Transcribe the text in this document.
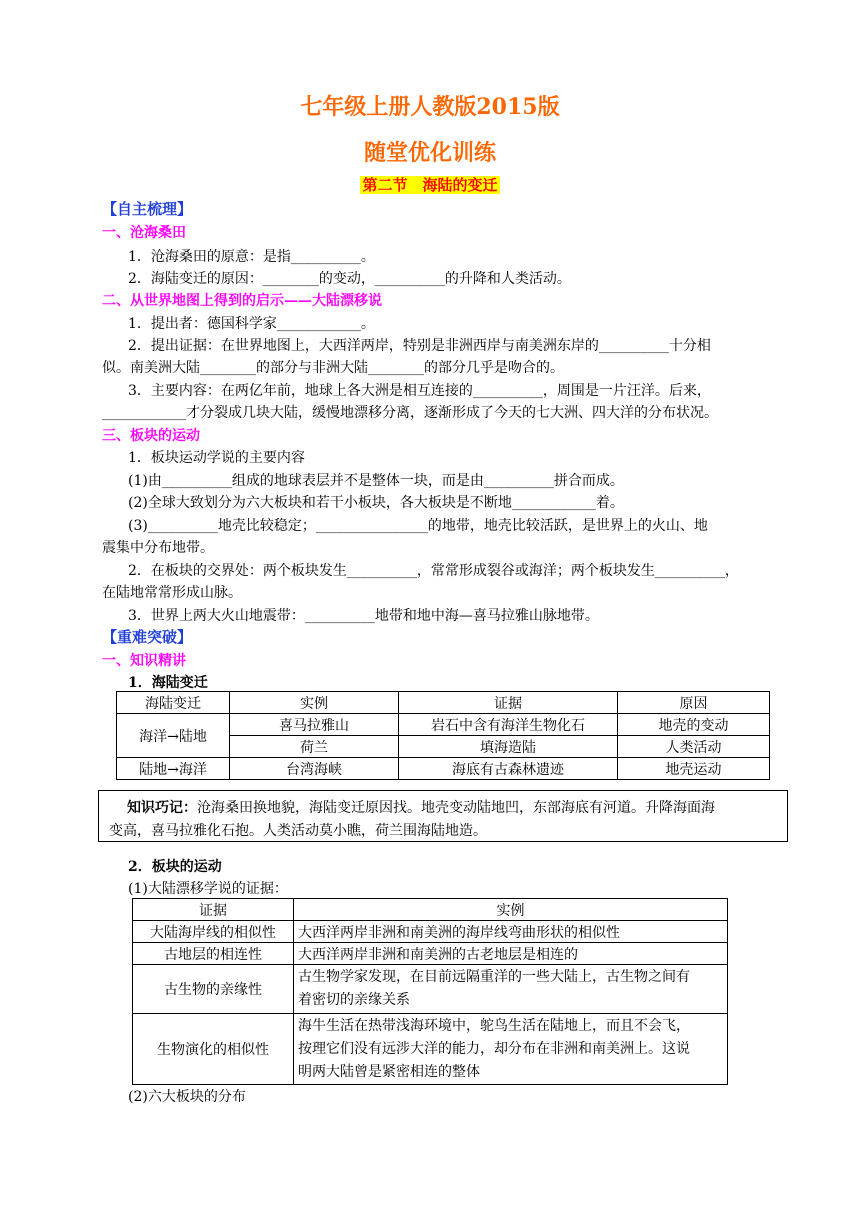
七年级上册人教版2015版
随堂优化训练
第二节　海陆的变迁
【自主梳理】
一、沧海桑田
1．沧海桑田的原意：是指__________。
2．海陆变迁的原因：________的变动，__________的升降和人类活动。
二、从世界地图上得到的启示——大陆漂移说
1．提出者：德国科学家____________。
2．提出证据：在世界地图上，大西洋两岸，特别是非洲西岸与南美洲东岸的__________十分相
似。南美洲大陆________的部分与非洲大陆________的部分几乎是吻合的。
3．主要内容：在两亿年前，地球上各大洲是相互连接的__________，周围是一片汪洋。后来，
____________才分裂成几块大陆，缓慢地漂移分离，逐渐形成了今天的七大洲、四大洋的分布状况。
三、板块的运动
1．板块运动学说的主要内容
(1)由__________组成的地球表层并不是整体一块，而是由__________拼合而成。
(2)全球大致划分为六大板块和若干小板块，各大板块是不断地____________着。
(3)__________地壳比较稳定；________________的地带，地壳比较活跃，是世界上的火山、地
震集中分布地带。
2．在板块的交界处：两个板块发生__________，常常形成裂谷或海洋；两个板块发生__________，
在陆地常常形成山脉。
3．世界上两大火山地震带：__________地带和地中海—喜马拉雅山脉地带。
【重难突破】
一、知识精讲
1．海陆变迁
海陆变迁	实例	证据	原因
海洋→陆地	喜马拉雅山	岩石中含有海洋生物化石	地壳的变动
	荷兰	填海造陆	人类活动
陆地→海洋	台湾海峡	海底有古森林遗迹	地壳运动
知识巧记：沧海桑田换地貌，海陆变迁原因找。地壳变动陆地凹，东部海底有河道。升降海面海
变高，喜马拉雅化石抱。人类活动莫小瞧，荷兰围海陆地造。
2．板块的运动
(1)大陆漂移学说的证据：
证据	实例
大陆海岸线的相似性	大西洋两岸非洲和南美洲的海岸线弯曲形状的相似性
古地层的相连性	大西洋两岸非洲和南美洲的古老地层是相连的
古生物的亲缘性	古生物学家发现，在目前远隔重洋的一些大陆上，古生物之间有
着密切的亲缘关系

生物演化的相似性	海牛生活在热带浅海环境中，鸵鸟生活在陆地上，而且不会飞，
按理它们没有远涉大洋的能力，却分布在非洲和南美洲上。这说
明两大陆曾是紧密相连的整体
(2)六大板块的分布
